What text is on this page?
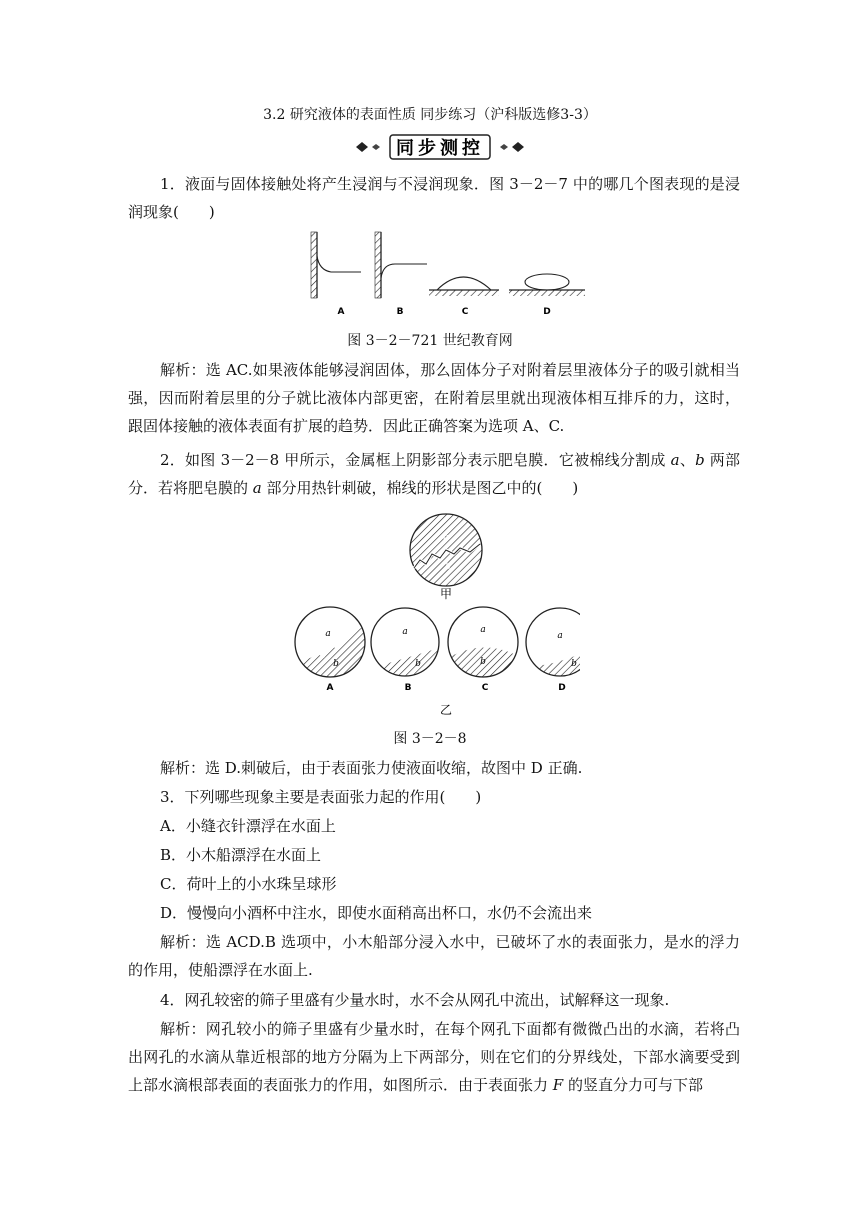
3.2 研究液体的表面性质 同步练习（沪科版选修3-3）
同步测控
1．液面与固体接触处将产生浸润与不浸润现象．图 3－2－7 中的哪几个图表现的是浸润现象(　　)
A	B	C	D
图 3－2－721 世纪教育网
解析：选 AC.如果液体能够浸润固体，那么固体分子对附着层里液体分子的吸引就相当强，因而附着层里的分子就比液体内部更密，在附着层里就出现液体相互排斥的力，这时，跟固体接触的液体表面有扩展的趋势．因此正确答案为选项 A、C.
2．如图 3－2－8 甲所示，金属框上阴影部分表示肥皂膜．它被棉线分割成 a、b 两部分．若将肥皂膜的 a 部分用热针刺破，棉线的形状是图乙中的(　　)
a
b
甲
a
b
a
b
a
b
a
b
A	B	C	D
乙
图 3－2－8
解析：选 D.刺破后，由于表面张力使液面收缩，故图中 D 正确.
3．下列哪些现象主要是表面张力起的作用(　　)
A．小缝衣针漂浮在水面上
B．小木船漂浮在水面上
C．荷叶上的小水珠呈球形
D．慢慢向小酒杯中注水，即使水面稍高出杯口，水仍不会流出来
解析：选 ACD.B 选项中，小木船部分浸入水中，已破坏了水的表面张力，是水的浮力的作用，使船漂浮在水面上.
4．网孔较密的筛子里盛有少量水时，水不会从网孔中流出，试解释这一现象.
解析：网孔较小的筛子里盛有少量水时，在每个网孔下面都有微微凸出的水滴，若将凸出网孔的水滴从靠近根部的地方分隔为上下两部分，则在它们的分界线处，下部水滴要受到上部水滴根部表面的表面张力的作用，如图所示．由于表面张力 F 的竖直分力可与下部
